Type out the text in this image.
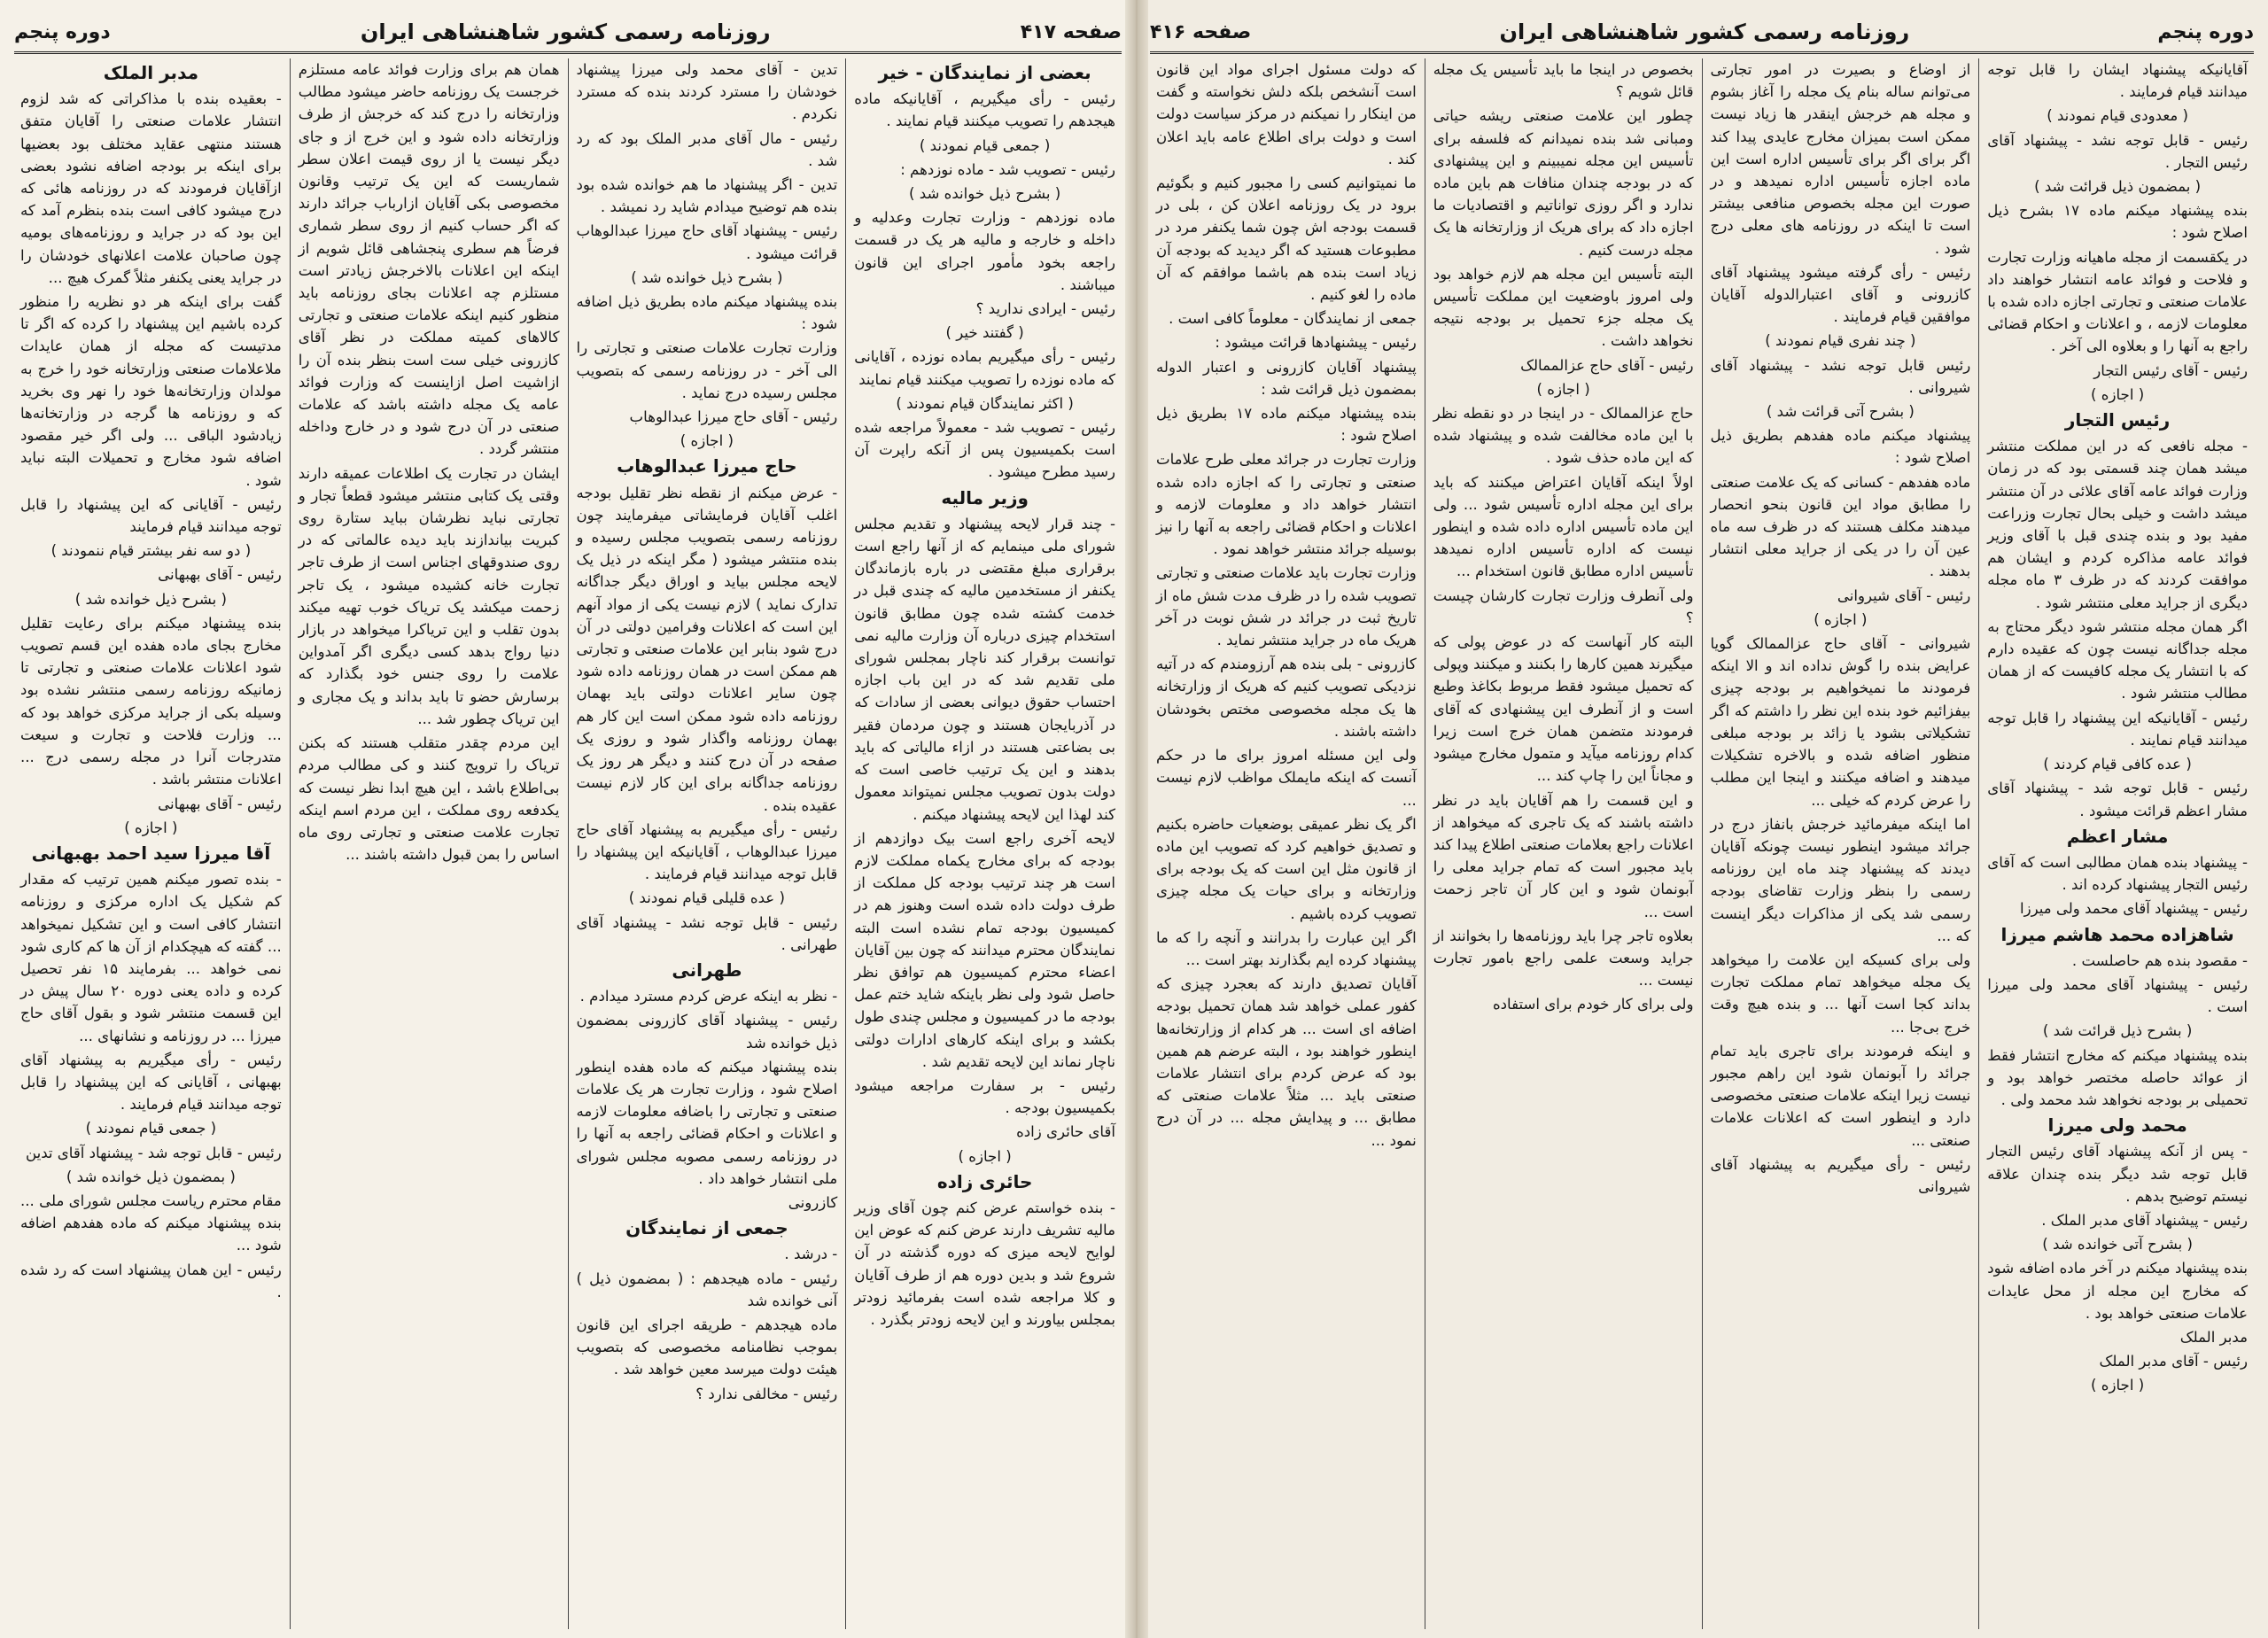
صفحه ۴۱۷
روزنامه رسمی کشور شاهنشاهی ایران
دوره پنجم

بعضی از نمایندگان - خیر

رئیس - رأی میگیریم ، آقایانیکه ماده هیجدهم را تصویب میکنند قیام نمایند .

( جمعی قیام نمودند )

رئیس - تصویب شد - ماده نوزدهم :

( بشرح ذیل خوانده شد )

ماده نوزدهم - وزارت تجارت وعدلیه و داخله و خارجه و مالیه هر یک در قسمت راجعه بخود مأمور اجرای این قانون میباشند .

رئیس - ایرادی ندارید ؟

( گفتند خیر )

رئیس - رأی میگیریم بماده نوزده ، آقایانی که ماده نوزده را تصویب میکنند قیام نمایند

( اکثر نمایندگان قیام نمودند )

رئیس - تصویب شد - معمولاً مراجعه شده است بکمیسیون پس از آنکه راپرت آن رسید مطرح میشود .

وزیر مالیه

- چند قرار لایحه پیشنهاد و تقدیم مجلس شورای ملی مینمایم که از آنها راجع است برقراری مبلغ مقتضی در باره بازماندگان یکنفر از مستخدمین مالیه که چندی قبل در خدمت کشته شده چون مطابق قانون استخدام چیزی درباره آن وزارت مالیه نمی توانست برقرار کند ناچار بمجلس شورای ملی تقدیم شد که در این باب اجازه احتساب حقوق دیوانی بعضی از سادات که در آذربایجان هستند و چون مردمان فقیر بی بضاعتی هستند در ازاء مالیاتی که باید بدهند و این یک ترتیب خاصی است که دولت بدون تصویب مجلس نمیتواند معمول کند لهذا این لایحه پیشنهاد میکنم .

لایحه آخری راجع است بیک دوازدهم از بودجه که برای مخارج یکماه مملکت لازم است هر چند ترتیب بودجه کل مملکت از طرف دولت داده شده است وهنوز هم در کمیسیون بودجه تمام نشده است البته نمایندگان محترم میدانند که چون بین آقایان اعضاء محترم کمیسیون هم توافق نظر حاصل شود ولی نظر باینکه شاید ختم عمل بودجه ما در کمیسیون و مجلس چندی طول بکشد و برای اینکه کارهای ادارات دولتی ناچار نماند این لایحه تقدیم شد .

رئیس - بر سفارت مراجعه میشود بکمیسیون بودجه .

آقای حائری زاده

( اجازه )

حائری زاده

- بنده خواستم عرض کنم چون آقای وزیر مالیه تشریف دارند عرض کنم که عوض این لوایح لایحه میزی که دوره گذشته در آن شروع شد و بدین دوره هم از طرف آقایان و کلا مراجعه شده است بفرمائید زودتر بمجلس بیاورند و این لایحه زودتر بگذرد .

تدین - آقای محمد ولی میرزا پیشنهاد خودشان را مسترد کردند بنده که مسترد نکردم .

رئیس - مال آقای مدبر الملک بود که رد شد .

تدین - اگر پیشنهاد ما هم خوانده شده بود بنده هم توضیح میدادم شاید رد نمیشد .

رئیس - پیشنهاد آقای حاج میرزا عبدالوهاب قرائت میشود .

( بشرح ذیل خوانده شد )

بنده پیشنهاد میکنم ماده بطریق ذیل اضافه شود :

وزارت تجارت علامات صنعتی و تجارتی را الی آخر - در روزنامه رسمی که بتصویب مجلس رسیده درج نماید .

رئیس - آقای حاج میرزا عبدالوهاب

( اجازه )

حاج میرزا عبدالوهاب

- عرض میکنم از نقطه نظر تقلیل بودجه اغلب آقایان فرمایشاتی میفرمایند چون روزنامه رسمی بتصویب مجلس رسیده و بنده منتشر میشود ( مگر اینکه در ذیل یک لایحه مجلس بیاید و اوراق دیگر جداگانه تدارک نماید ) لازم نیست یکی از مواد آنهم این است که اعلانات وفرامین دولتی در آن درج شود بنابر این علامات صنعتی و تجارتی هم ممکن است در همان روزنامه داده شود چون سایر اعلانات دولتی باید بهمان روزنامه داده شود ممکن است این کار هم بهمان روزنامه واگذار شود و روزی یک صفحه در آن درج کنند و دیگر هر روز یک روزنامه جداگانه برای این کار لازم نیست عقیده بنده .

رئیس - رأی میگیریم به پیشنهاد آقای حاج میرزا عبدالوهاب ، آقایانیکه این پیشنهاد را قابل توجه میدانند قیام فرمایند .

( عده قلیلی قیام نمودند )

رئیس - قابل توجه نشد - پیشنهاد آقای طهرانی .

طهرانی

- نظر به اینکه عرض کردم مسترد میدادم .

رئیس - پیشنهاد آقای کازرونی بمضمون ذیل خوانده شد

بنده پیشنهاد میکنم که ماده هفده اینطور اصلاح شود ، وزارت تجارت هر یک علامات صنعتی و تجارتی را باضافه معلومات لازمه و اعلانات و احکام قضائی راجعه به آنها را در روزنامه رسمی مصوبه مجلس شورای ملی انتشار خواهد داد .

کازرونی

جمعی از نمایندگان

- درشد .

رئیس - ماده هیجدهم : ( بمضمون ذیل ) آنی خوانده شد

ماده هیجدهم - طریقه اجرای این قانون بموجب نظامنامه مخصوصی که بتصویب هیئت دولت میرسد معین خواهد شد .

رئیس - مخالفی ندارد ؟

همان هم برای وزارت فوائد عامه مستلزم خرجست یک روزنامه حاضر میشود مطالب وزارتخانه را درج کند که خرجش از طرف وزارتخانه داده شود و این خرج از و جای دیگر نیست یا از روی قیمت اعلان سطر شماریست که این یک ترتیب وقانون مخصوصی بکی آقایان ازارباب جرائد دارند که اگر حساب کنیم از روی سطر شماری فرضاً هم سطری پنجشاهی قائل شویم از اینکه این اعلانات بالاخرجش زیادتر است مستلزم چه اعلانات بجای روزنامه باید منظور کنیم اینکه علامات صنعتی و تجارتی کالاهای کمیته مملکت در نظر آقای کازرونی خیلی ست است بنظر بنده آن را ازاشیت اصل ازاینست که وزارت فوائد عامه یک مجله داشته باشد که علامات صنعتی در آن درج شود و در خارج وداخله منتشر گردد .

ایشان در تجارت یک اطلاعات عمیقه دارند وقتی یک کتابی منتشر میشود قطعاً تجار و تجارتی نباید نظرشان بباید ستارة روی کبریت بیاندازند باید دیده عالماتی که در روی صندوقهای اجناس است از طرف تاجر تجارت خانه کشیده میشود ، یک تاجر زحمت میکشد یک تریاک خوب تهیه میکند بدون تقلب و این تریاکرا میخواهد در بازار دنیا رواج بدهد کسی دیگری اگر آمدواین علامت را روی جنس خود بگذارد که برسارش حضو تا باید بداند و یک مجاری و این تریاک چطور شد ...

این مردم چقدر متقلب هستند که بکنن تریاک را ترویج کنند و کی مطالب مردم بی‌اطلاع باشد ، این هیچ ابدا نظر نیست که یکدفعه روی مملکت ، این مردم اسم اینکه تجارت علامت صنعتی و تجارتی روی ماه اساس را بمن قبول داشته باشند ...

مدبر الملک

- بعقیده بنده با مذاکراتی که شد لزوم انتشار علامات صنعتی را آقایان متفق هستند منتهی عقاید مختلف بود بعضیها برای اینکه بر بودجه اضافه نشود بعضی ازآقایان فرمودند که در روزنامه هائی که درج میشود کافی است بنده بنظرم آمد که این بود که در جراید و روزنامه‌های بومیه چون صاحبان علامت اعلانهای خودشان را در جراید یعنی یکنفر مثلاً گمرک هیچ ...

گفت برای اینکه هر دو نظریه را منظور کرده باشیم این پیشنهاد را کرده که اگر تا مدتیست که مجله از همان عایدات ملاعلامات صنعتی وزارتخانه خود را خرج به مولدان وزارتخانه‌ها خود را نهر وی بخرید که و روزنامه ها گرجه در وزارتخانه‌ها زیادشود الباقی ... ولی اگر خیر مقصود اضافه شود مخارج و تحمیلات البته نباید شود .

رئیس - آقایانی که این پیشنهاد را قابل توجه میدانند قیام فرمایند

( دو سه نفر بیشتر قیام ننمودند )

رئیس - آقای بهبهانی

( بشرح ذیل خوانده شد )

بنده پیشنهاد میکنم برای رعایت تقلیل مخارج بجای ماده هفده این قسم تصویب شود اعلانات علامات صنعتی و تجارتی تا زمانیکه روزنامه رسمی منتشر نشده بود وسیله بکی از جراید مرکزی خواهد بود که ... وزارت فلاحت و تجارت و سیعت متدرجات آنرا در مجله رسمی درج ... اعلانات منتشر باشد .

رئیس - آقای بهبهانی

( اجازه )

آقا میرزا سید احمد بهبهانی

- بنده تصور میکنم همین ترتیب که مقدار کم شکیل یک اداره مرکزی و روزنامه انتشار کافی است و این تشکیل نمیخواهد ... گفته که هیچکدام از آن ها کم کاری شود نمی خواهد ... بفرمایند ۱۵ نفر تحصیل کرده و داده یعنی دوره ۲۰ سال پیش در این قسمت منتشر شود و بقول آقای حاج میرزا ... در روزنامه و نشانهای ...

رئیس - رأی میگیریم به پیشنهاد آقای بهبهانی ، آقایانی که این پیشنهاد را قابل توجه میدانند قیام فرمایند .

( جمعی قیام نمودند )

رئیس - قابل توجه شد - پیشنهاد آقای تدین

( بمضمون ذیل خوانده شد )

مقام محترم ریاست مجلس شورای ملی ... بنده پیشنهاد میکنم که ماده هفدهم اضافه شود ...

رئیس - این همان پیشنهاد است که رد شده .

دوره پنجم
روزنامه رسمی کشور شاهنشاهی ایران
صفحه ۴۱۶

آقایانیکه پیشنهاد ایشان را قابل توجه میدانند قیام فرمایند .

( معدودی قیام نمودند )

رئیس - قابل توجه نشد - پیشنهاد آقای رئیس التجار .

( بمضمون ذیل قرائت شد )

بنده پیشنهاد میکنم ماده ۱۷ بشرح ذیل اصلاح شود :

در یکقسمت از مجله ماهیانه وزارت تجارت و فلاحت و فوائد عامه انتشار خواهند داد علامات صنعتی و تجارتی اجازه داده شده با معلومات لازمه ، و اعلانات و احکام قضائی راجع به آنها را و بعلاوه الی آخر .

رئیس - آقای رئیس التجار

( اجازه )

رئیس التجار

- مجله نافعی که در این مملکت منتشر میشد همان چند قسمتی بود که در زمان وزارت فوائد عامه آقای علائی در آن منتشر میشد داشت و خیلی بحال تجارت وزراعت مفید بود و بنده چندی قبل با آقای وزیر فوائد عامه مذاکره کردم و ایشان هم موافقت کردند که در ظرف ۳ ماه مجله دیگری از جراید معلی منتشر شود .

اگر همان مجله منتشر شود دیگر محتاج به مجله جداگانه نیست چون که عقیده دارم که با انتشار یک مجله کافیست که از همان مطالب منتشر شود .

رئیس - آقایانیکه این پیشنهاد را قابل توجه میدانند قیام نمایند .

( عده کافی قیام کردند )

رئیس - قابل توجه شد - پیشنهاد آقای مشار اعظم قرائت میشود .

مشار اعظم

- پیشنهاد بنده همان مطالبی است که آقای رئیس التجار پیشنهاد کرده اند .

رئیس - پیشنهاد آقای محمد ولی میرزا

شاهزاده محمد هاشم میرزا

- مقصود بنده هم حاصلست .

رئیس - پیشنهاد آقای محمد ولی میرزا است .

( بشرح ذیل قرائت شد )

بنده پیشنهاد میکنم که مخارج انتشار فقط از عوائد حاصله مختصر خواهد بود و تحمیلی بر بودجه نخواهد شد محمد ولی .

محمد ولی میرزا

- پس از آنکه پیشنهاد آقای رئیس التجار قابل توجه شد دیگر بنده چندان علاقه نیستم توضیح بدهم .

رئیس - پیشنهاد آقای مدبر الملک .

( بشرح آتی خوانده شد )

بنده پیشنهاد میکنم در آخر ماده اضافه شود که مخارج این مجله از محل عایدات علامات صنعتی خواهد بود .

مدبر الملک

رئیس - آقای مدبر الملک

( اجازه )

از اوضاع و بصیرت در امور تجارتی می‌توانم ساله بنام یک مجله را آغاز بشوم و مجله هم خرجش اینقدر ها زیاد نیست ممکن است بمیزان مخارج عایدی پیدا کند اگر برای اگر برای تأسیس اداره است این ماده اجازه تأسیس اداره نمیدهد و در صورت این مجله بخصوص منافعی بیشتر است تا اینکه در روزنامه های معلی درج شود .

رئیس - رأی گرفته میشود پیشنهاد آقای کازرونی و آقای اعتبارالدوله آقایان موافقین قیام فرمایند .

( چند نفری قیام نمودند )

رئیس قابل توجه نشد - پیشنهاد آقای شیروانی .

( بشرح آتی قرائت شد )

پیشنهاد میکنم ماده هفدهم بطریق ذیل اصلاح شود :

ماده هفدهم - کسانی که یک علامت صنعتی را مطابق مواد این قانون بنحو انحصار میدهند مکلف هستند که در ظرف سه ماه عین آن را در یکی از جراید معلی انتشار بدهند .

رئیس - آقای شیروانی

( اجازه )

شیروانی - آقای حاج عزالممالک گویا عرایض بنده را گوش نداده اند و الا اینکه فرمودند ما نمیخواهیم بر بودجه چیزی بیفزائیم خود بنده این نظر را داشتم که اگر تشکیلاتی بشود یا زائد بر بودجه مبلغی منظور اضافه شده و بالاخره تشکیلات میدهند و اضافه میکنند و اینجا این مطلب را عرض کردم که خیلی ...

اما اینکه میفرمائید خرجش بانفاز درج در جرائد میشود اینطور نیست چونکه آقایان دیدند که پیشنهاد چند ماه این روزنامه رسمی را بنظر وزارت تقاضای بودجه رسمی شد یکی از مذاکرات دیگر اینست که ...

ولی برای کسیکه این علامت را میخواهد یک مجله میخواهد تمام مملکت تجارت بداند کجا است آنها ... و بنده هیچ وقت خرج بی‌جا ...

و اینکه فرمودند برای تاجری باید تمام جرائد را آبونمان شود این راهم مجبور نیست زیرا اینکه علامات صنعتی مخصوصی دارد و اینطور است که اعلانات علامات صنعتی ...

رئیس - رأی میگیریم به پیشنهاد آقای شیروانی

بخصوص در اینجا ما باید تأسیس یک مجله قائل شویم ؟

چطور این علامت صنعتی ریشه حیاتی ومبانی شد بنده نمیدانم که فلسفه برای تأسیس این مجله نمیبینم و این پیشنهادی که در بودجه چندان منافات هم باین ماده ندارد و اگر روزی تواناتیم و اقتصادیات ما اجازه داد که برای هریک از وزارتخانه ها یک مجله درست کنیم .

البته تأسیس این مجله هم لازم خواهد بود ولی امروز باوضعیت این مملکت تأسیس یک مجله جزء تحمیل بر بودجه نتیجه نخواهد داشت .

رئیس - آقای حاج عزالممالک

( اجازه )

حاج عزالممالک - در اینجا در دو نقطه نظر با این ماده مخالفت شده و پیشنهاد شده که این ماده حذف شود .

اولاً اینکه آقایان اعتراض میکنند که باید برای این مجله اداره تأسیس شود ... ولی این ماده تأسیس اداره داده شده و اینطور نیست که اداره تأسیس اداره نمیدهد تأسیس اداره مطابق قانون استخدام ...

ولی آنطرف وزارت تجارت کارشان چیست ؟

البته کار آنهاست که در عوض پولی که میگیرند همین کارها را بکنند و میکنند وپولی که تحمیل میشود فقط مربوط بکاغذ وطبع است و از آنطرف این پیشنهادی که آقای فرمودند متضمن همان خرج است زیرا کدام روزنامه میآید و متمول مخارج میشود و مجاناً این را چاپ کند ...

و این قسمت را هم آقایان باید در نظر داشته باشند که یک تاجری که میخواهد از اعلانات راجع بعلامات صنعتی اطلاع پیدا کند باید مجبور است که تمام جراید معلی را آبونمان شود و این کار آن تاجر زحمت است ...

بعلاوه تاجر چرا باید روزنامه‌ها را بخوانند از جراید وسعت علمی راجع بامور تجارت نیست ...

ولی برای کار خودم برای استفاده

که دولت مسئول اجرای مواد این قانون است آنشخص بلکه دلش نخواسته و گفت من اینکار را نمیکنم در مرکز سیاست دولت است و دولت برای اطلاع عامه باید اعلان کند .

ما نمیتوانیم کسی را مجبور کنیم و بگوئیم برود در یک روزنامه اعلان کن ، بلی در قسمت بودجه اش چون شما یکنفر مرد در مطبوعات هستید که اگر دیدید که بودجه آن زیاد است بنده هم باشما موافقم که آن ماده را لغو کنیم .

جمعی از نمایندگان - معلوماً کافی است .

رئیس - پیشنهادها قرائت میشود :

پیشنهاد آقایان کازرونی و اعتبار الدوله بمضمون ذیل قرائت شد :

بنده پیشنهاد میکنم ماده ۱۷ بطریق ذیل اصلاح شود :

وزارت تجارت در جرائد معلی طرح علامات صنعتی و تجارتی را که اجازه داده شده انتشار خواهد داد و معلومات لازمه و اعلانات و احکام قضائی راجعه به آنها را نیز بوسیله جرائد منتشر خواهد نمود .

وزارت تجارت باید علامات صنعتی و تجارتی تصویب شده را در ظرف مدت شش ماه از تاریخ ثبت در جرائد در شش نوبت در آخر هریک ماه در جراید منتشر نماید .

کازرونی - بلی بنده هم آرزومندم که در آتیه نزدیکی تصویب کنیم که هریک از وزارتخانه ها یک مجله مخصوصی مختص بخودشان داشته باشند .

ولی این مسئله امروز برای ما در حکم آنست که اینکه مایملک مواظب لازم نیست ...

اگر یک نظر عمیقی بوضعیات حاضره بکنیم و تصدیق خواهیم کرد که تصویب این ماده از قانون مثل این است که یک بودجه برای وزارتخانه و برای حیات یک مجله چیزی تصویب کرده باشیم .

اگر این عبارت را بدرانند و آنچه را که ما پیشنهاد کرده ایم بگذارند بهتر است ...

آقایان تصدیق دارند که بعجرد چیزی که کفور عملی خواهد شد همان تحمیل بودجه اضافه ای است ... هر کدام از وزارتخانه‌ها اینطور خواهند بود ، البته عرضم هم همین بود که عرض کردم برای انتشار علامات صنعتی باید ... مثلاً علامات صنعتی که مطابق ... و پیدایش مجله ... در آن درج نمود ...
